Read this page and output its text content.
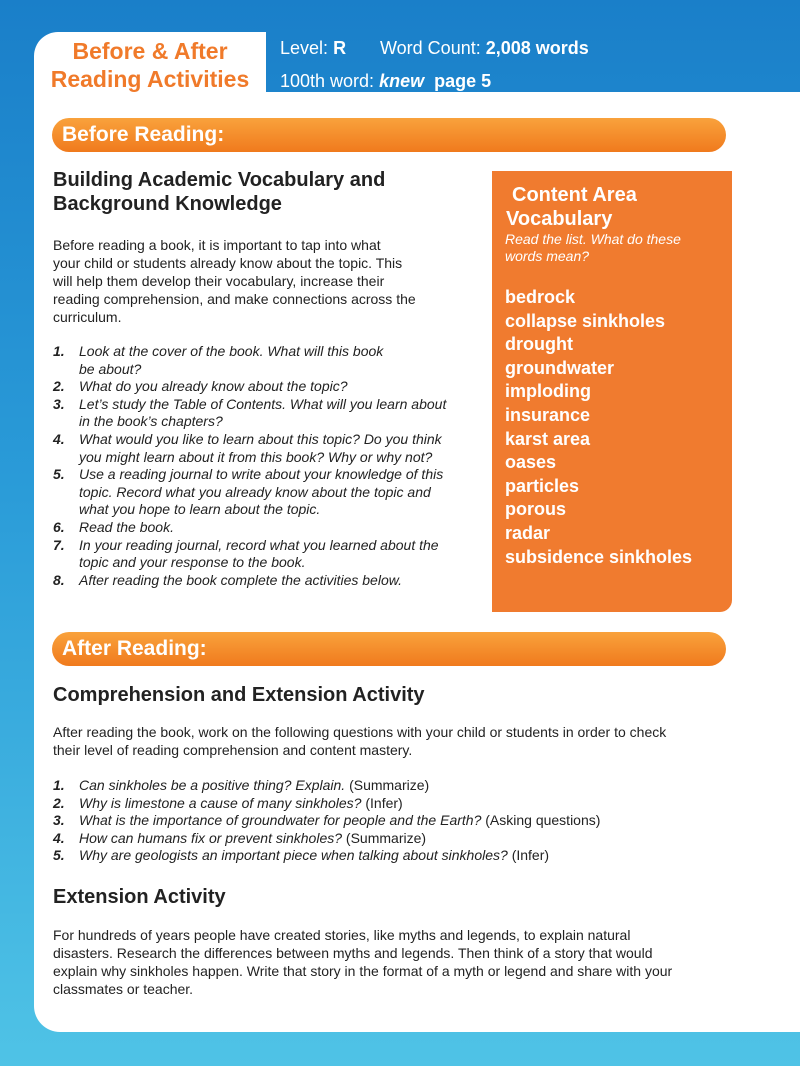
Before & After
Reading Activities
Level: R Word Count: 2,008 words
100th word: knew page 5
Before Reading:
Building Academic Vocabulary and
Background Knowledge
Before reading a book, it is important to tap into what
your child or students already know about the topic. This
will help them develop their vocabulary, increase their
reading comprehension, and make connections across the
curriculum.
1. Look at the cover of the book. What will this book
be about?
2. What do you already know about the topic?
3. Let’s study the Table of Contents. What will you learn about
in the book’s chapters?
4. What would you like to learn about this topic? Do you think
you might learn about it from this book? Why or why not?
5. Use a reading journal to write about your knowledge of this
topic. Record what you already know about the topic and
what you hope to learn about the topic.
6. Read the book.
7. In your reading journal, record what you learned about the
topic and your response to the book.
8. After reading the book complete the activities below.
Content Area
Vocabulary
Read the list. What do these
words mean?
bedrock
collapse sinkholes
drought
groundwater
imploding
insurance
karst area
oases
particles
porous
radar
subsidence sinkholes
After Reading:
Comprehension and Extension Activity
After reading the book, work on the following questions with your child or students in order to check
their level of reading comprehension and content mastery.
1. Can sinkholes be a positive thing? Explain. (Summarize)
2. Why is limestone a cause of many sinkholes? (Infer)
3. What is the importance of groundwater for people and the Earth? (Asking questions)
4. How can humans fix or prevent sinkholes? (Summarize)
5. Why are geologists an important piece when talking about sinkholes? (Infer)
Extension Activity
For hundreds of years people have created stories, like myths and legends, to explain natural
disasters. Research the differences between myths and legends. Then think of a story that would
explain why sinkholes happen. Write that story in the format of a myth or legend and share with your
classmates or teacher.
